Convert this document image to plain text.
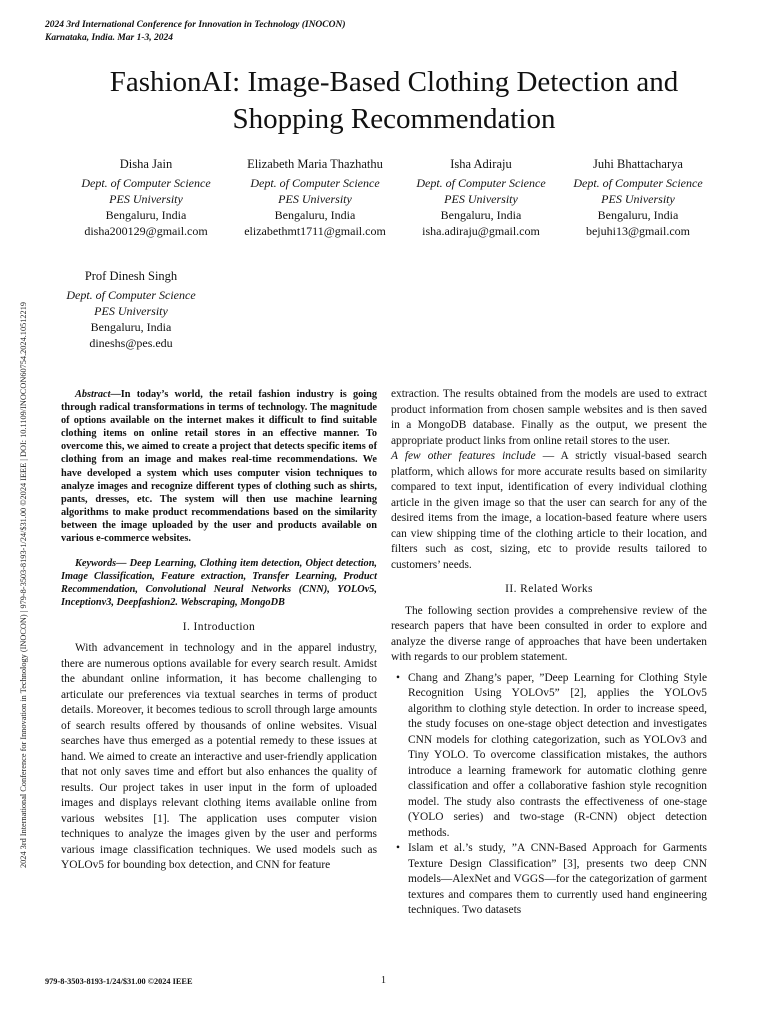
2024 3rd International Conference for Innovation in Technology (INOCON)
Karnataka, India. Mar 1-3, 2024
2024 3rd International Conference for Innovation in Technology (INOCON) | 979-8-3503-8193-1/24/$31.00 ©2024 IEEE | DOI: 10.1109/INOCON60754.2024.10512219
FashionAI: Image-Based Clothing Detection and
Shopping Recommendation
Disha Jain
Dept. of Computer Science
PES University
Bengaluru, India
disha200129@gmail.com
Elizabeth Maria Thazhathu
Dept. of Computer Science
PES University
Bengaluru, India
elizabethmt1711@gmail.com
Isha Adiraju
Dept. of Computer Science
PES University
Bengaluru, India
isha.adiraju@gmail.com
Juhi Bhattacharya
Dept. of Computer Science
PES University
Bengaluru, India
bejuhi13@gmail.com
Prof Dinesh Singh
Dept. of Computer Science
PES University
Bengaluru, India
dineshs@pes.edu

Abstract—In today’s world, the retail fashion industry is going through radical transformations in terms of technology. The magnitude of options available on the internet makes it difficult to find suitable clothing items on online retail stores in an effective manner. To overcome this, we aimed to create a project that detects specific items of clothing from an image and makes real-time recommendations. We have developed a system which uses computer vision techniques to analyze images and recognize different types of clothing such as shirts, pants, dresses, etc. The system will then use machine learning algorithms to make product recommendations based on the similarity between the image uploaded by the user and products available on various e-commerce websites.

Keywords— Deep Learning, Clothing item detection, Object detection, Image Classification, Feature extraction, Transfer Learning, Product Recommendation, Convolutional Neural Networks (CNN), YOLOv5, Inceptionv3, Deepfashion2. Webscraping, MongoDB

I. Introduction

With advancement in technology and in the apparel industry, there are numerous options available for every search result. Amidst the abundant online information, it has become challenging to articulate our preferences via textual searches in terms of product details. Moreover, it becomes tedious to scroll through large amounts of search results offered by thousands of online websites. Visual searches have thus emerged as a potential remedy to these issues at hand. We aimed to create an interactive and user-friendly application that not only saves time and effort but also enhances the quality of results. Our project takes in user input in the form of uploaded images and displays relevant clothing items available online from various websites [1]. The application uses computer vision techniques to analyze the images given by the user and performs various image classification techniques. We used models such as YOLOv5 for bounding box detection, and CNN for feature

extraction. The results obtained from the models are used to extract product information from chosen sample websites and is then saved in a MongoDB database. Finally as the output, we present the appropriate product links from online retail stores to the user.

A few other features include — A strictly visual-based search platform, which allows for more accurate results based on similarity compared to text input, identification of every individual clothing article in the given image so that the user can search for any of the desired items from the image, a location-based feature where users can view shipping time of the clothing article to their location, and filters such as cost, sizing, etc to provide results tailored to customers’ needs.

II. Related Works

The following section provides a comprehensive review of the research papers that have been consulted in order to explore and analyze the diverse range of approaches that have been undertaken with regards to our problem statement.

• Chang and Zhang’s paper, ”Deep Learning for Clothing Style Recognition Using YOLOv5” [2], applies the YOLOv5 algorithm to clothing style detection. In order to increase speed, the study focuses on one-stage object detection and investigates CNN models for clothing categorization, such as YOLOv3 and Tiny YOLO. To overcome classification mistakes, the authors introduce a learning framework for automatic clothing genre classification and offer a collaborative fashion style recognition model. The study also contrasts the effectiveness of one-stage (YOLO series) and two-stage (R-CNN) object detection methods.
• Islam et al.’s study, ”A CNN-Based Approach for Garments Texture Design Classification” [3], presents two deep CNN models—AlexNet and VGGS—for the categorization of garment textures and compares them to currently used hand engineering techniques. Two datasets
979-8-3503-8193-1/24/$31.00 ©2024 IEEE	1
